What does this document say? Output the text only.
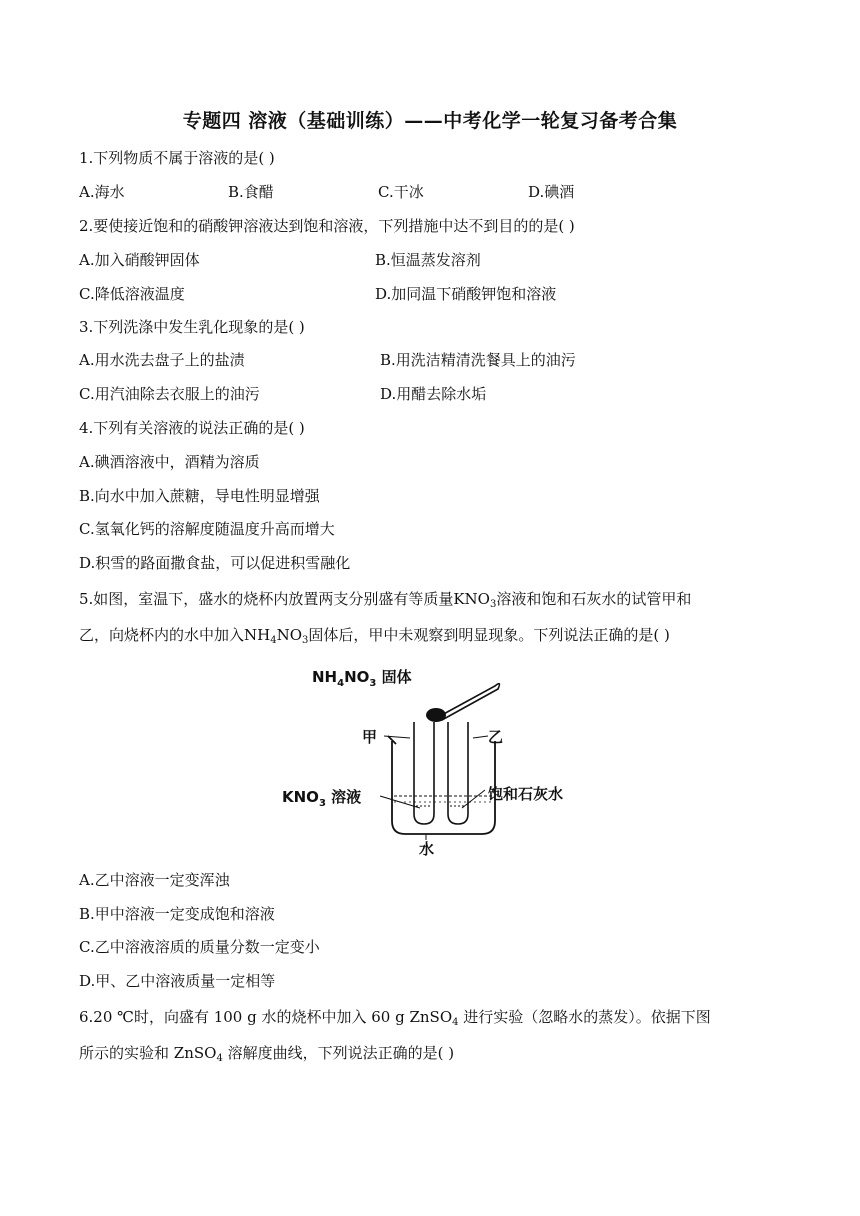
专题四 溶液（基础训练）——中考化学一轮复习备考合集
1.下列物质不属于溶液的是( )
A.海水	B.食醋	C.干冰	D.碘酒
2.要使接近饱和的硝酸钾溶液达到饱和溶液，下列措施中达不到目的的是( )
A.加入硝酸钾固体	B.恒温蒸发溶剂
C.降低溶液温度	D.加同温下硝酸钾饱和溶液
3.下列洗涤中发生乳化现象的是( )
A.用水洗去盘子上的盐渍	B.用洗洁精清洗餐具上的油污
C.用汽油除去衣服上的油污	D.用醋去除水垢
4.下列有关溶液的说法正确的是( )
A.碘酒溶液中，酒精为溶质
B.向水中加入蔗糖，导电性明显增强
C.氢氧化钙的溶解度随温度升高而增大
D.积雪的路面撒食盐，可以促进积雪融化
5.如图，室温下，盛水的烧杯内放置两支分别盛有等质量$KNO_3$溶液和饱和石灰水的试管甲和
乙，向烧杯内的水中加入$NH_4NO_3$固体后，甲中未观察到明显现象。下列说法正确的是( )
$NH_4NO_3$ 固体
甲	乙
$KNO_3$ 溶液	饱和石灰水
水
A.乙中溶液一定变浑浊
B.甲中溶液一定变成饱和溶液
C.乙中溶液溶质的质量分数一定变小
D.甲、乙中溶液质量一定相等
6.20 ℃时，向盛有 100 g 水的烧杯中加入 60 g ZnSO$_4$ 进行实验（忽略水的蒸发）。依据下图
所示的实验和 ZnSO$_4$ 溶解度曲线，下列说法正确的是( )
